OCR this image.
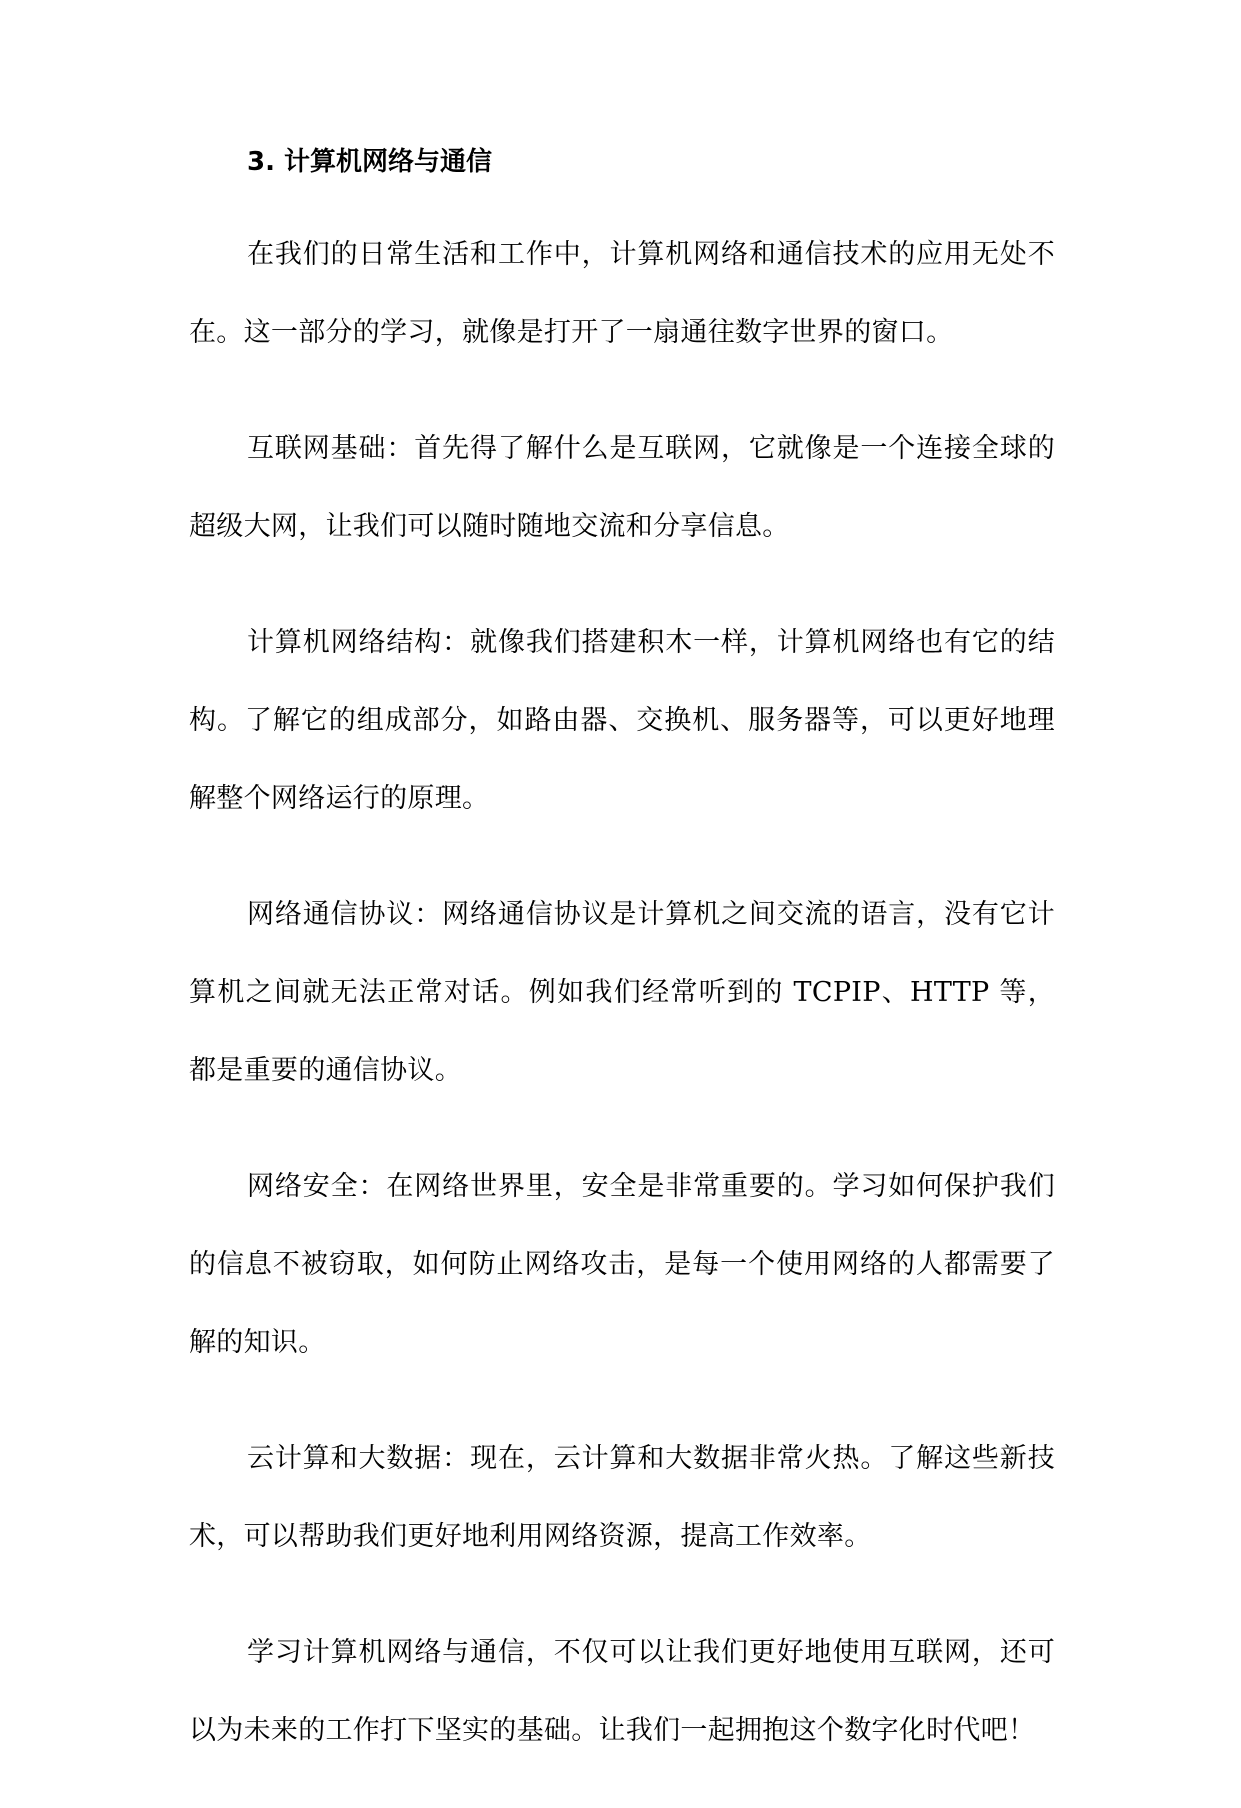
3. 计算机网络与通信

在我们的日常生活和工作中，计算机网络和通信技术的应用无处不在。这一部分的学习，就像是打开了一扇通往数字世界的窗口。

互联网基础：首先得了解什么是互联网，它就像是一个连接全球的超级大网，让我们可以随时随地交流和分享信息。

计算机网络结构：就像我们搭建积木一样，计算机网络也有它的结构。了解它的组成部分，如路由器、交换机、服务器等，可以更好地理解整个网络运行的原理。

网络通信协议：网络通信协议是计算机之间交流的语言，没有它计算机之间就无法正常对话。例如我们经常听到的 TCPIP、HTTP 等，都是重要的通信协议。

网络安全：在网络世界里，安全是非常重要的。学习如何保护我们的信息不被窃取，如何防止网络攻击，是每一个使用网络的人都需要了解的知识。

云计算和大数据：现在，云计算和大数据非常火热。了解这些新技术，可以帮助我们更好地利用网络资源，提高工作效率。

学习计算机网络与通信，不仅可以让我们更好地使用互联网，还可以为未来的工作打下坚实的基础。让我们一起拥抱这个数字化时代吧！
